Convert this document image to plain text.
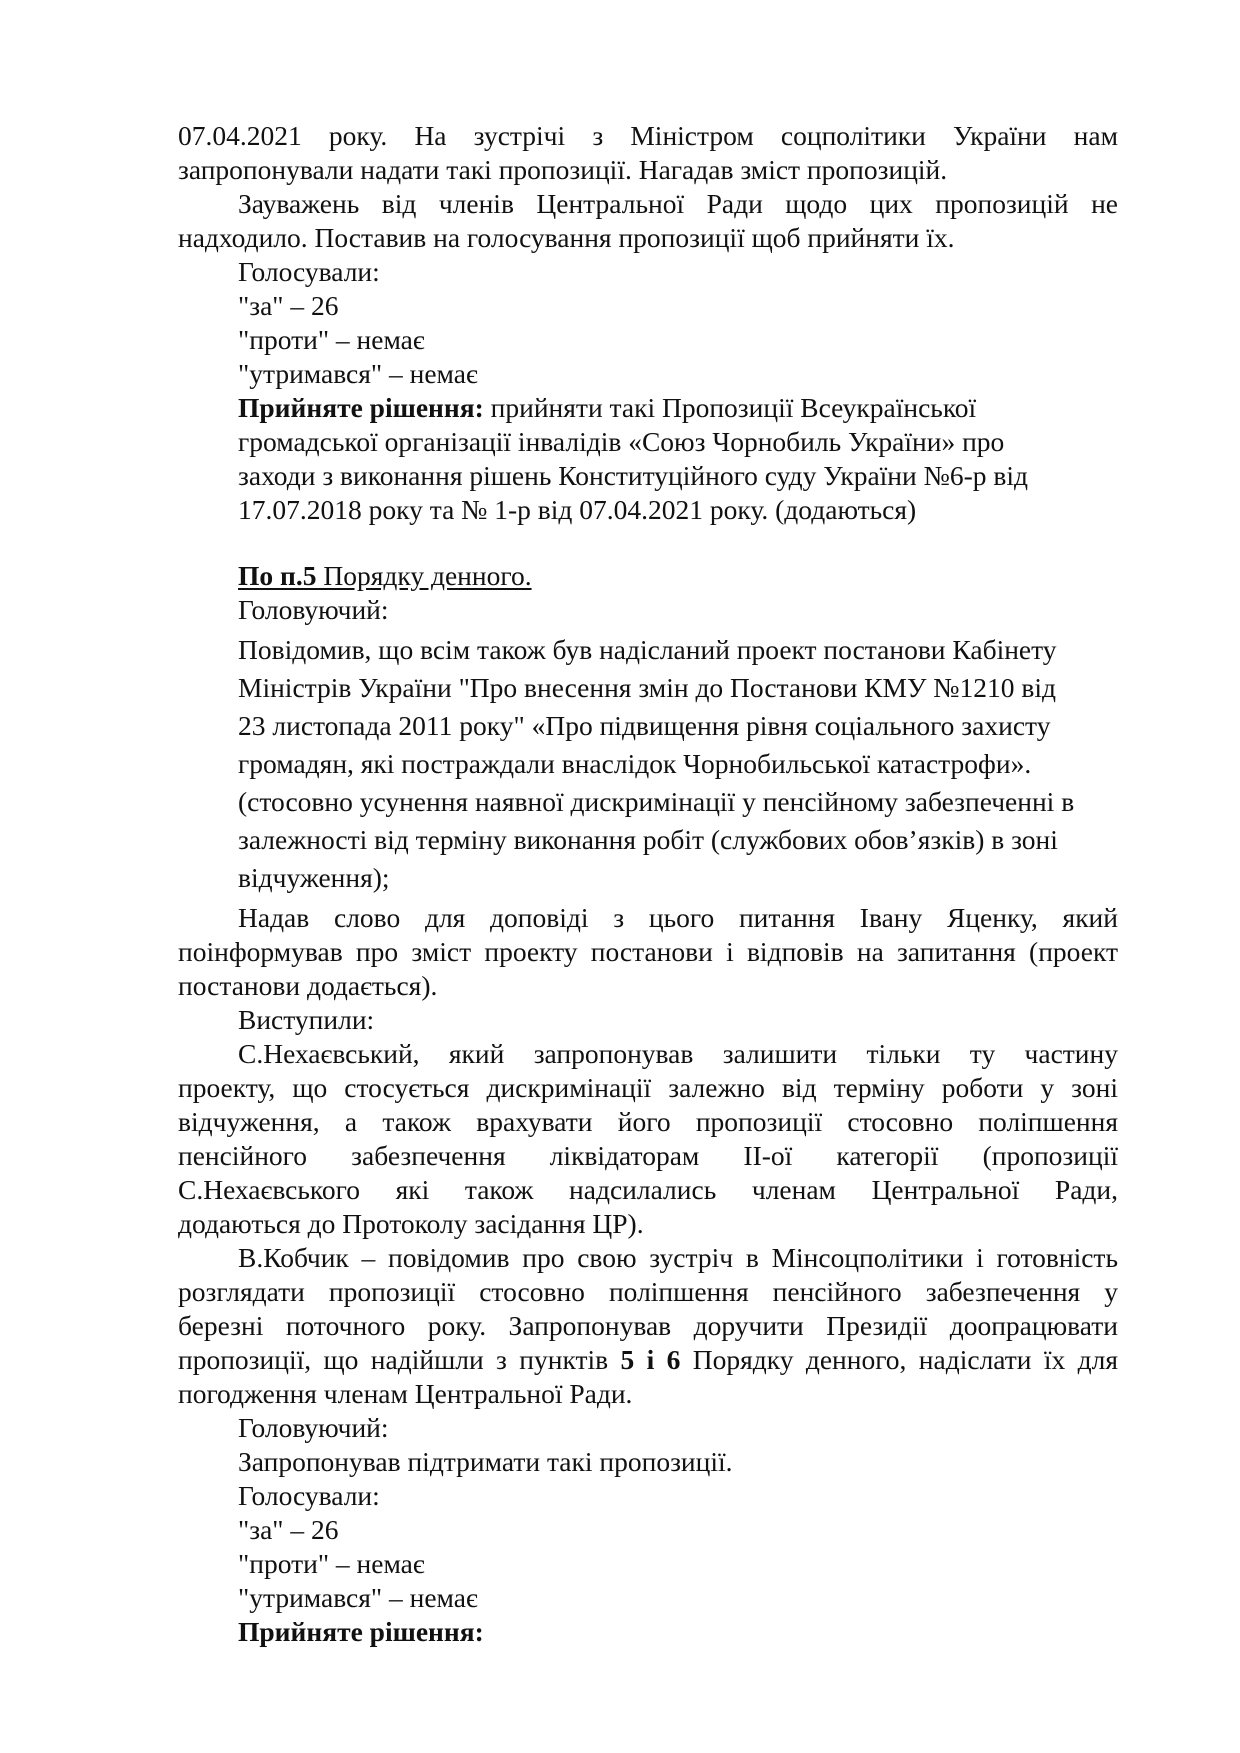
07.04.2021 року. На зустрічі з Міністром соцполітики України нам
запропонували надати такі пропозиції. Нагадав зміст пропозицій.
Зауважень від членів Центральної Ради щодо цих пропозицій не
надходило. Поставив на голосування пропозиції щоб прийняти їх.
Голосували:
"за" – 26
"проти" – немає
"утримався" – немає
Прийняте рішення: прийняти такі Пропозиції Всеукраїнської
громадської організації інвалідів «Союз Чорнобиль України» про
заходи з виконання рішень Конституційного суду України №6-р від
17.07.2018 року та № 1-р від 07.04.2021 року. (додаються)
По п.5 Порядку денного.
Головуючий:
Повідомив, що всім також був надісланий проект постанови Кабінету
Міністрів України "Про внесення змін до Постанови КМУ №1210 від
23 листопада 2011 року" «Про підвищення рівня соціального захисту
громадян, які постраждали внаслідок Чорнобильської катастрофи».
(стосовно усунення наявної дискримінації у пенсійному забезпеченні в
залежності від терміну виконання робіт (службових обов’язків) в зоні
відчуження);
Надав слово для доповіді з цього питання Івану Яценку, який
поінформував про зміст проекту постанови і відповів на запитання (проект
постанови додається).
Виступили:
С.Нехаєвський, який запропонував залишити тільки ту частину
проекту, що стосується дискримінації залежно від терміну роботи у зоні
відчуження, а також врахувати його пропозиції стосовно поліпшення
пенсійного забезпечення ліквідаторам ІІ-ої категорії (пропозиції
С.Нехаєвського які також надсилались членам Центральної Ради,
додаються до Протоколу засідання ЦР).
В.Кобчик – повідомив про свою зустріч в Мінсоцполітики і готовність
розглядати пропозиції стосовно поліпшення пенсійного забезпечення у
березні поточного року. Запропонував доручити Президії доопрацювати
пропозиції, що надійшли з пунктів 5 і 6 Порядку денного, надіслати їх для
погодження членам Центральної Ради.
Головуючий:
Запропонував підтримати такі пропозиції.
Голосували:
"за" – 26
"проти" – немає
"утримався" – немає
Прийняте рішення:
